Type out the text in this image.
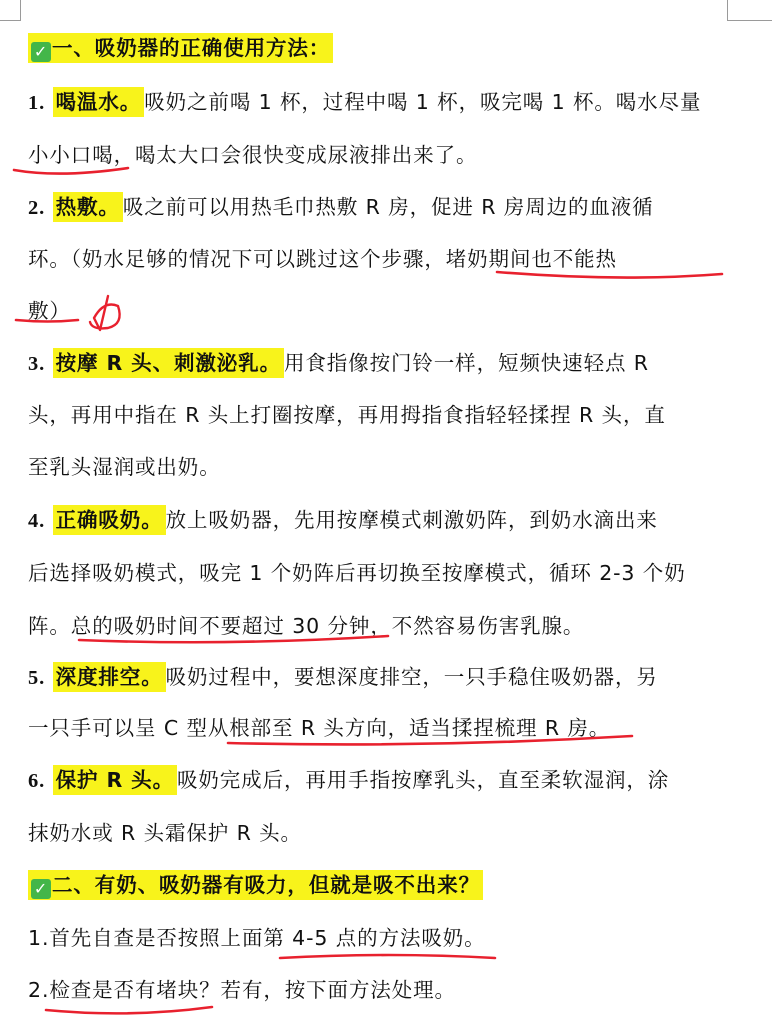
✓ 一、吸奶器的正确使用方法：
1. 喝温水。 吸奶之前喝 1 杯，过程中喝 1 杯，吸完喝 1 杯。喝水尽量
小小口喝，喝太大口会很快变成尿液排出来了。
2. 热敷。 吸之前可以用热毛巾热敷 R 房，促进 R 房周边的血液循
环。（奶水足够的情况下可以跳过这个步骤，堵奶期间也不能热
敷）
3. 按摩 R 头、刺激泌乳。 用食指像按门铃一样，短频快速轻点 R
头，再用中指在 R 头上打圈按摩，再用拇指食指轻轻揉捏 R 头，直
至乳头湿润或出奶。
4. 正确吸奶。 放上吸奶器，先用按摩模式刺激奶阵，到奶水滴出来
后选择吸奶模式，吸完 1 个奶阵后再切换至按摩模式，循环 2-3 个奶
阵。总的吸奶时间不要超过 30 分钟，不然容易伤害乳腺。
5. 深度排空。 吸奶过程中，要想深度排空，一只手稳住吸奶器，另
一只手可以呈 C 型从根部至 R 头方向，适当揉捏梳理 R 房。
6. 保护 R 头。 吸奶完成后，再用手指按摩乳头，直至柔软湿润，涂
抹奶水或 R 头霜保护 R 头。
✓ 二、有奶、吸奶器有吸力，但就是吸不出来？
1.首先自查是否按照上面第 4-5 点的方法吸奶。
2.检查是否有堵块？若有，按下面方法处理。
